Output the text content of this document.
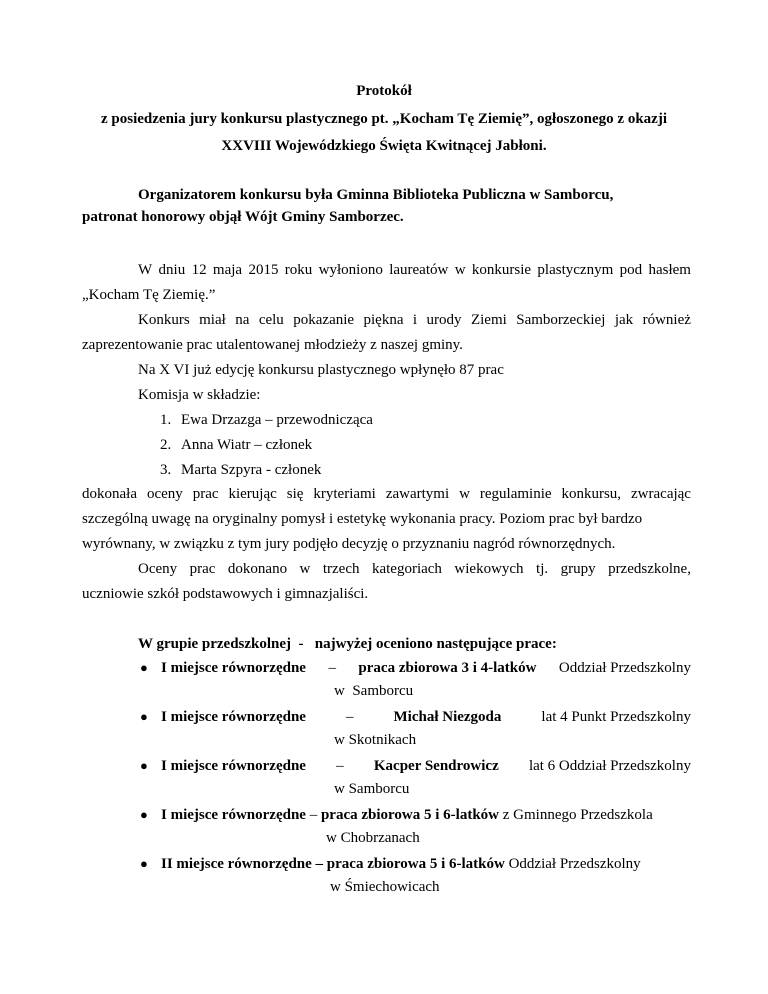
Protokół
z posiedzenia jury konkursu plastycznego pt. „Kocham Tę Ziemię”, ogłoszonego z okazji
XXVIII Wojewódzkiego Święta Kwitnącej Jabłoni.
Organizatorem konkursu była Gminna Biblioteka Publiczna w Samborcu,
patronat honorowy objął Wójt Gminy Samborzec.
W dniu 12 maja 2015 roku wyłoniono laureatów w konkursie plastycznym pod hasłem
„Kocham Tę Ziemię.”
Konkurs miał na celu pokazanie piękna i urody Ziemi Samborzeckiej jak również
zaprezentowanie prac utalentowanej młodzieży z naszej gminy.
Na X VI już edycję konkursu plastycznego wpłynęło 87 prac
Komisja w składzie:
1. Ewa Drzazga – przewodnicząca
2. Anna Wiatr – członek
3. Marta Szpyra - członek
dokonała oceny prac kierując się kryteriami zawartymi w regulaminie konkursu, zwracając
szczególną uwagę na oryginalny pomysł i estetykę wykonania pracy. Poziom prac był bardzo
wyrównany, w związku z tym jury podjęło decyzję o przyznaniu nagród równorzędnych.
Oceny prac dokonano w trzech kategoriach wiekowych tj. grupy przedszkolne,
uczniowie szkół podstawowych i gimnazjaliści.
W grupie przedszkolnej  -   najwyżej oceniono następujące prace:
● I miejsce równorzędne – praca zbiorowa 3 i 4-latków Oddział Przedszkolny
w  Samborcu
● I miejsce równorzędne	–	Michał Niezgoda	lat 4 Punkt Przedszkolny
w Skotnikach
● I miejsce równorzędne – Kacper Sendrowicz lat 6 Oddział Przedszkolny
w Samborcu
● I miejsce równorzędne – praca zbiorowa 5 i 6-latków z Gminnego Przedszkola
w Chobrzanach
● II miejsce równorzędne – praca zbiorowa 5 i 6-latków Oddział Przedszkolny
w Śmiechowicach
